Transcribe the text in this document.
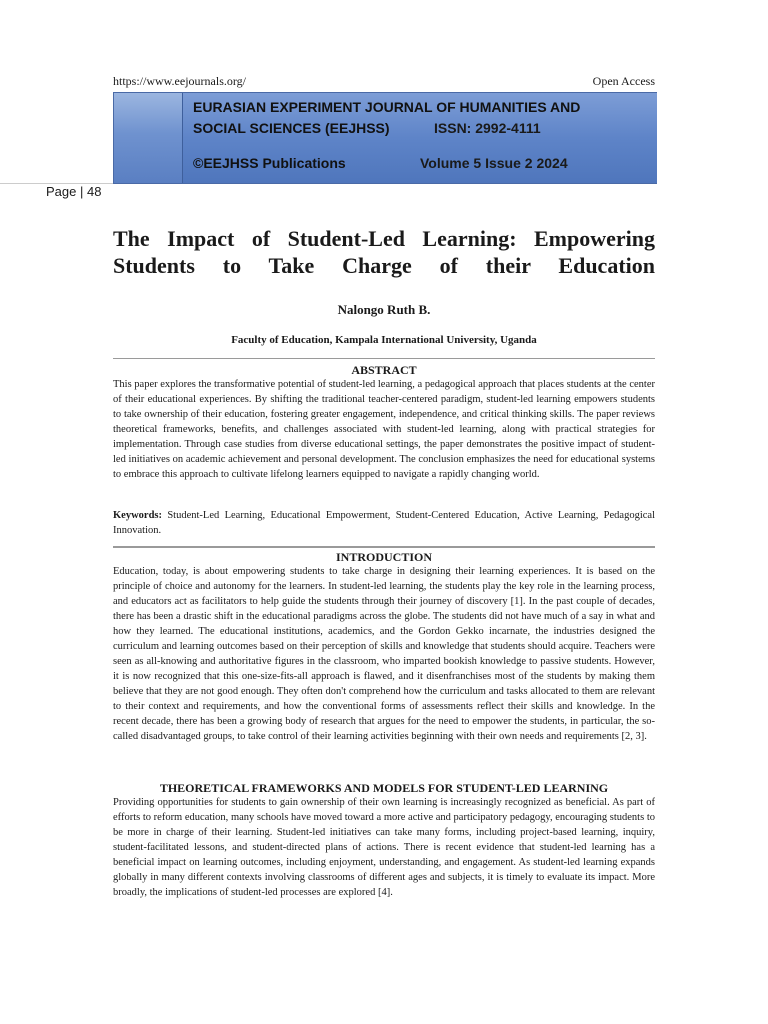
https://www.eejournals.org/	Open Access
EURASIAN EXPERIMENT JOURNAL OF HUMANITIES AND
SOCIAL SCIENCES (EEJHSS)	ISSN: 2992-4111
©EEJHSS Publications	Volume 5 Issue 2 2024
Page | 48
The Impact of Student-Led Learning: Empowering Students to Take Charge of their Education
Nalongo Ruth B.
Faculty of Education, Kampala International University, Uganda
ABSTRACT

This paper explores the transformative potential of student-led learning, a pedagogical approach that places students at the center of their educational experiences. By shifting the traditional teacher-centered paradigm, student-led learning empowers students to take ownership of their education, fostering greater engagement, independence, and critical thinking skills. The paper reviews theoretical frameworks, benefits, and challenges associated with student-led learning, along with practical strategies for implementation. Through case studies from diverse educational settings, the paper demonstrates the positive impact of student-led initiatives on academic achievement and personal development. The conclusion emphasizes the need for educational systems to embrace this approach to cultivate lifelong learners equipped to navigate a rapidly changing world.

Keywords: Student-Led Learning, Educational Empowerment, Student-Centered Education, Active Learning, Pedagogical Innovation.

INTRODUCTION

Education, today, is about empowering students to take charge in designing their learning experiences. It is based on the principle of choice and autonomy for the learners. In student-led learning, the students play the key role in the learning process, and educators act as facilitators to help guide the students through their journey of discovery [1]. In the past couple of decades, there has been a drastic shift in the educational paradigms across the globe. The students did not have much of a say in what and how they learned. The educational institutions, academics, and the Gordon Gekko incarnate, the industries designed the curriculum and learning outcomes based on their perception of skills and knowledge that students should acquire. Teachers were seen as all-knowing and authoritative figures in the classroom, who imparted bookish knowledge to passive students. However, it is now recognized that this one-size-fits-all approach is flawed, and it disenfranchises most of the students by making them believe that they are not good enough. They often don't comprehend how the curriculum and tasks allocated to them are relevant to their context and requirements, and how the conventional forms of assessments reflect their skills and knowledge. In the recent decade, there has been a growing body of research that argues for the need to empower the students, in particular, the so-called disadvantaged groups, to take control of their learning activities beginning with their own needs and requirements [2, 3].

THEORETICAL FRAMEWORKS AND MODELS FOR STUDENT-LED LEARNING

Providing opportunities for students to gain ownership of their own learning is increasingly recognized as beneficial. As part of efforts to reform education, many schools have moved toward a more active and participatory pedagogy, encouraging students to be more in charge of their learning. Student-led initiatives can take many forms, including project-based learning, inquiry, student-facilitated lessons, and student-directed plans of actions. There is recent evidence that student-led learning has a beneficial impact on learning outcomes, including enjoyment, understanding, and engagement. As student-led learning expands globally in many different contexts involving classrooms of different ages and subjects, it is timely to evaluate its impact. More broadly, the implications of student-led processes are explored [4].
